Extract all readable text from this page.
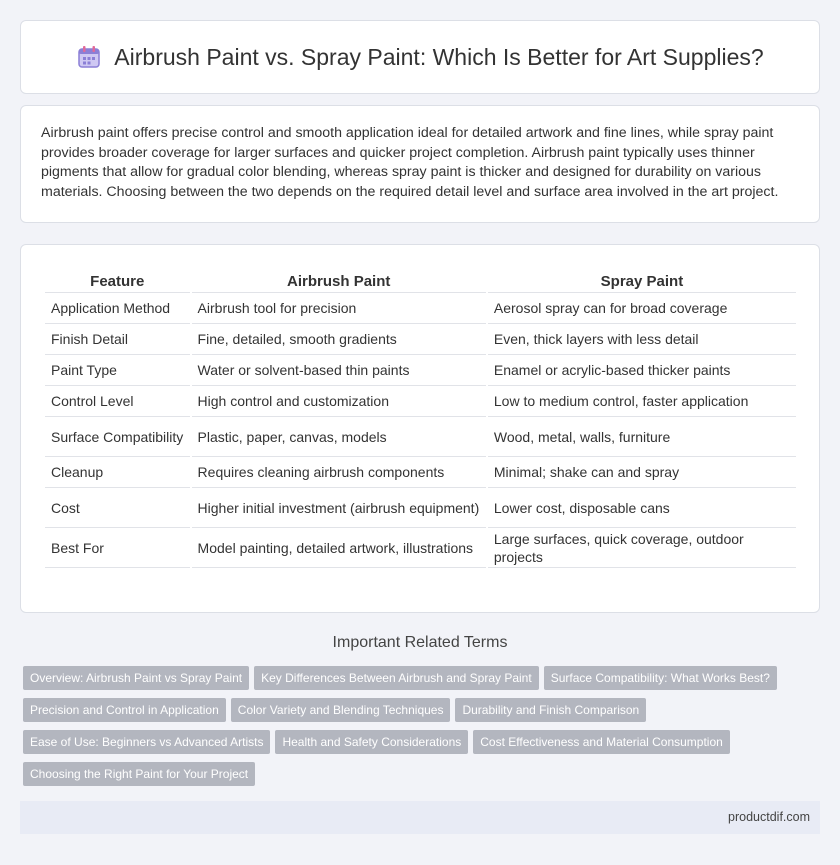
Airbrush Paint vs. Spray Paint: Which Is Better for Art Supplies?

Airbrush paint offers precise control and smooth application ideal for detailed artwork and fine lines, while spray paint provides broader coverage for larger surfaces and quicker project completion. Airbrush paint typically uses thinner pigments that allow for gradual color blending, whereas spray paint is thicker and designed for durability on various materials. Choosing between the two depends on the required detail level and surface area involved in the art project.

Feature	Airbrush Paint	Spray Paint
Application Method	Airbrush tool for precision	Aerosol spray can for broad coverage
Finish Detail	Fine, detailed, smooth gradients	Even, thick layers with less detail
Paint Type	Water or solvent-based thin paints	Enamel or acrylic-based thicker paints
Control Level	High control and customization	Low to medium control, faster application
Surface Compatibility	Plastic, paper, canvas, models	Wood, metal, walls, furniture
Cleanup	Requires cleaning airbrush components	Minimal; shake can and spray
Cost	Higher initial investment (airbrush equipment)	Lower cost, disposable cans
Best For	Model painting, detailed artwork, illustrations	Large surfaces, quick coverage, outdoor projects
Important Related Terms
Overview: Airbrush Paint vs Spray Paint Key Differences Between Airbrush and Spray Paint Surface Compatibility: What Works Best?
Precision and Control in Application Color Variety and Blending Techniques Durability and Finish Comparison
Ease of Use: Beginners vs Advanced Artists Health and Safety Considerations Cost Effectiveness and Material Consumption
Choosing the Right Paint for Your Project
productdif.com
